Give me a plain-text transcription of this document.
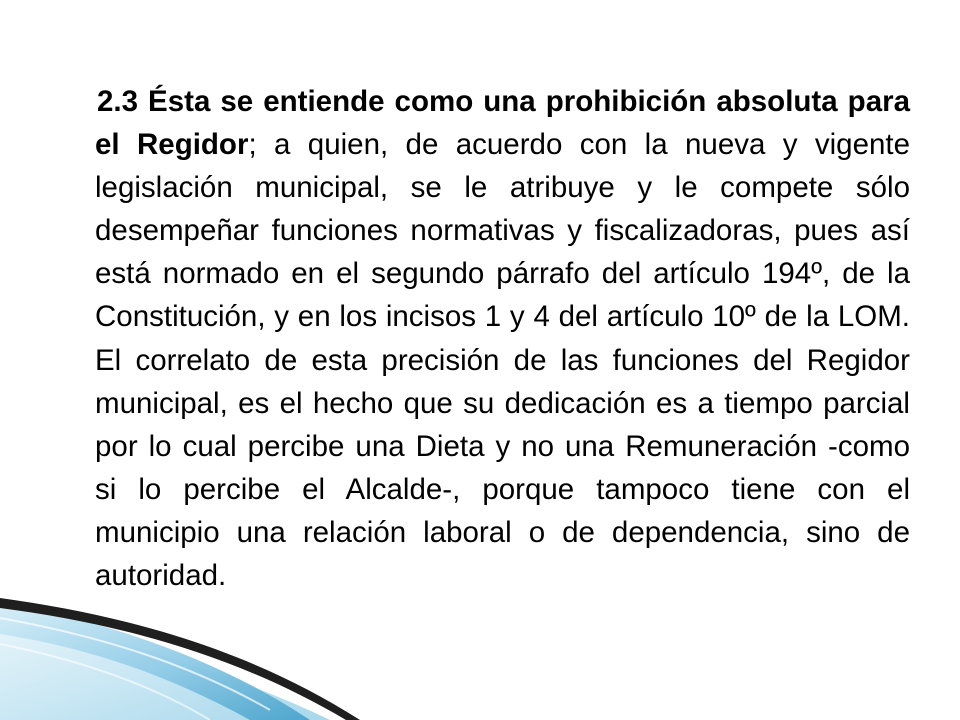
2.3 Ésta se entiende como una prohibición absoluta para el Regidor; a quien, de acuerdo con la nueva y vigente legislación municipal, se le atribuye y le compete sólo desempeñar funciones normativas y fiscalizadoras, pues así está normado en el segundo párrafo del artículo 194º, de la Constitución, y en los incisos 1 y 4 del artículo 10º de la LOM. El correlato de esta precisión de las funciones del Regidor municipal, es el hecho que su dedicación es a tiempo parcial por lo cual percibe una Dieta y no una Remuneración -como si lo percibe el Alcalde-, porque tampoco tiene con el municipio una relación laboral o de dependencia, sino de autoridad.
